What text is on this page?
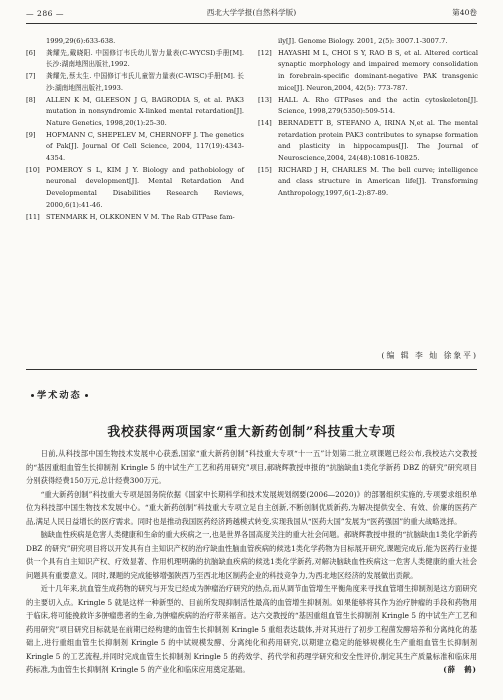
— 286 —	西北大学学报(自然科学版)	第40卷
1999,29(6):633-638.
[6]	龚耀先,戴晓阳. 中国修订韦氏幼儿智力量表(C-WYCSI)手册[M]. 长沙:湖南地图出版社,1992.
[7]	龚耀先,蔡太生. 中国修订韦氏儿童智力量表(C-WISC)手册[M]. 长沙:湖南地图出版社,1993.
[8]	ALLEN K M, GLEESON J G, BAGRODIA S, et al. PAK3 mutation in nonsyndromic X-linked mental retardation[J]. Nature Genetics, 1998,20(1):25-30.
[9]	HOFMANN C, SHEPELEV M, CHERNOFF J. The genetics of Pak[J]. Journal Of Cell Science, 2004, 117(19):4343-4354.
[10] POMEROY S L, KIM J Y. Biology and pathobiology of neuronal development[J]. Mental Retardation And Developmental Disabilities Research Reviews, 2000,6(1):41-46.
[11] STENMARK H, OLKKONEN V M. The Rab GTPase fam-
ily[J]. Genome Biology. 2001, 2(5): 3007.1-3007.7.
[12] HAYASHI M L, CHOI S Y, RAO B S, et al. Altered cortical synaptic morphology and impaired memory consolidation in forebrain-specific dominant-negative PAK transgenic mice[J]. Neuron,2004, 42(5): 773-787.
[13] HALL A. Rho GTPases and the actin cytoskeleton[J]. Science, 1998,279(5350):509-514.
[14] BERNADETT B, STEFANO A, IRINA N,et al. The mental retardation protein PAK3 contributes to synapse formation and plasticity in hippocampus[J]. The Journal of Neuroscience,2004, 24(48):10816-10825.
[15] RICHARD J H, CHARLES M. The bell curve; intelligence and class structure in American life[J]. Transforming Anthropology,1997,6(1-2):87-89.
(编 辑 李 灿 徐象平)
学术动态
我校获得两项国家“重大新药创制”科技重大专项

日前,从科技部中国生物技术发展中心获悉,国家“重大新药创制”科技重大专项“十一五”计划第二批立项课题已经公布,我校达六交教授的“基因重组血管生长抑制剂 Kringle 5 的中试生产工艺和药用研究”项目,郝晓辉教授申报的“抗脑缺血1类化学新药 DBZ 的研究”研究项目分别获得经费150万元,总计经费300万元。

“重大新药创制”科技重大专项是国务院依据《国家中长期科学和技术发展规划纲要(2006—2020)》的部署组织实施的,专项要求组织单位为科技部中国生物技术发展中心。“重大新药创制”科技重大专项立足自主创新,不断创制优质新药,为解决提供安全、有效、价廉的医药产品,满足人民日益增长的医疗需求。同时也是推动我国医药经济跨越模式转变,实现我国从“医药大国”发展为“医药强国”的重大战略选择。

脑缺血性疾病是危害人类健康和生命的重大疾病之一,也是世界各国高度关注的重大社会问题。郝晓辉教授申报的“抗脑缺血1类化学新药 DBZ 的研究”研究项目将以开发具有自主知识产权的治疗缺血性脑血管疾病的候选1类化学药物为目标展开研究,课题完成后,能为医药行业提供一个具有自主知识产权、疗效显著、作用机理明确的抗脑缺血疾病的候选1类化学新药,对解决脑缺血性疾病这一危害人类健康的重大社会问题具有重要意义。同时,课题的完成能够增强陕西乃至西北地区制药企业的科技竞争力,为西北地区经济的发展做出贡献。

近十几年来,抗血管生成药物的研究与开发已经成为肿瘤治疗研究的热点,而从调节血管增生平衡角度来寻找血管增生抑制剂是这方面研究的主要切入点。Kringle 5 就是这样一种新型的、目前所发现抑制活性最高的血管增生抑制剂。如果能够将其作为治疗肿瘤的手段和药物用于临床,将可能挽救许多肿瘤患者的生命,为肿瘤疾病的治疗带来福音。达六交教授的“基因重组血管生长抑制剂 Kringle 5 的中试生产工艺和药用研究”项目研究目标就是在前期已经构建的血管生长抑制剂 Kringle 5 重组表达载体,并对其进行了初步工程菌发酵培养和分离纯化的基础上,进行重组血管生长抑制剂 Kringle 5 的中试规模发酵、分离纯化和药用研究,以期建立稳定的能够规模化生产重组血管生长抑制剂 Kringle 5 的工艺流程,并同时完成血管生长抑制剂 Kringle 5 的药效学、药代学和药理学研究和安全性评价,制定其生产质量标准和临床用药标准,为血管生长抑制剂 Kringle 5 的产业化和临床应用奠定基础。	(薛　鹤)
